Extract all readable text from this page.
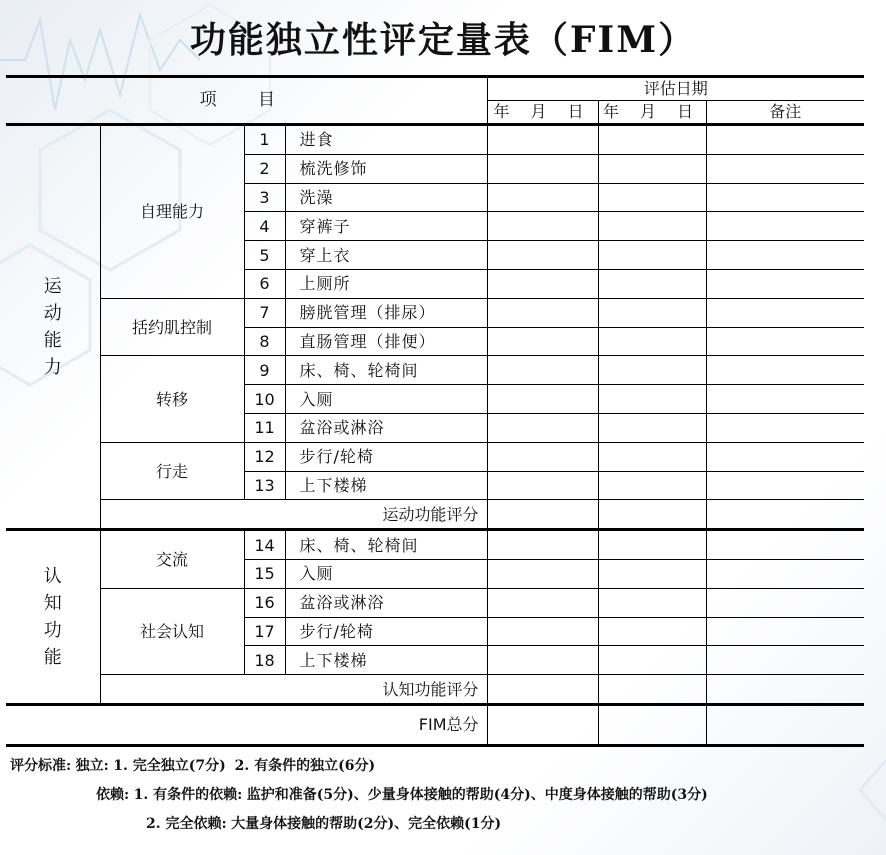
功能独立性评定量表（FIM）
项 目				评估日期		
				年 月 日	年 月 日	备注

运
动
能
力	自理能力	1	进食			
		2	梳洗修饰			
		3	洗澡			
		4	穿裤子			
		5	穿上衣			
		6	上厕所			
	括约肌控制	7	膀胱管理（排尿）			
		8	直肠管理（排便）			
	转移	9	床、椅、轮椅间			
		10	入厕			
		11	盆浴或淋浴			
	行走	12	步行/轮椅			
		13	上下楼梯			
	运动功能评分					

认
知
功
能	交流	14	床、椅、轮椅间			
		15	入厕			
	社会认知	16	盆浴或淋浴			
		17	步行/轮椅			
		18	上下楼梯			
	认知功能评分					
FIM总分						
评分标准: 独立: 1. 完全独立(7分) 2. 有条件的独立(6分)
依赖: 1. 有条件的依赖: 监护和准备(5分)、少量身体接触的帮助(4分)、中度身体接触的帮助(3分)
2. 完全依赖: 大量身体接触的帮助(2分)、完全依赖(1分)
